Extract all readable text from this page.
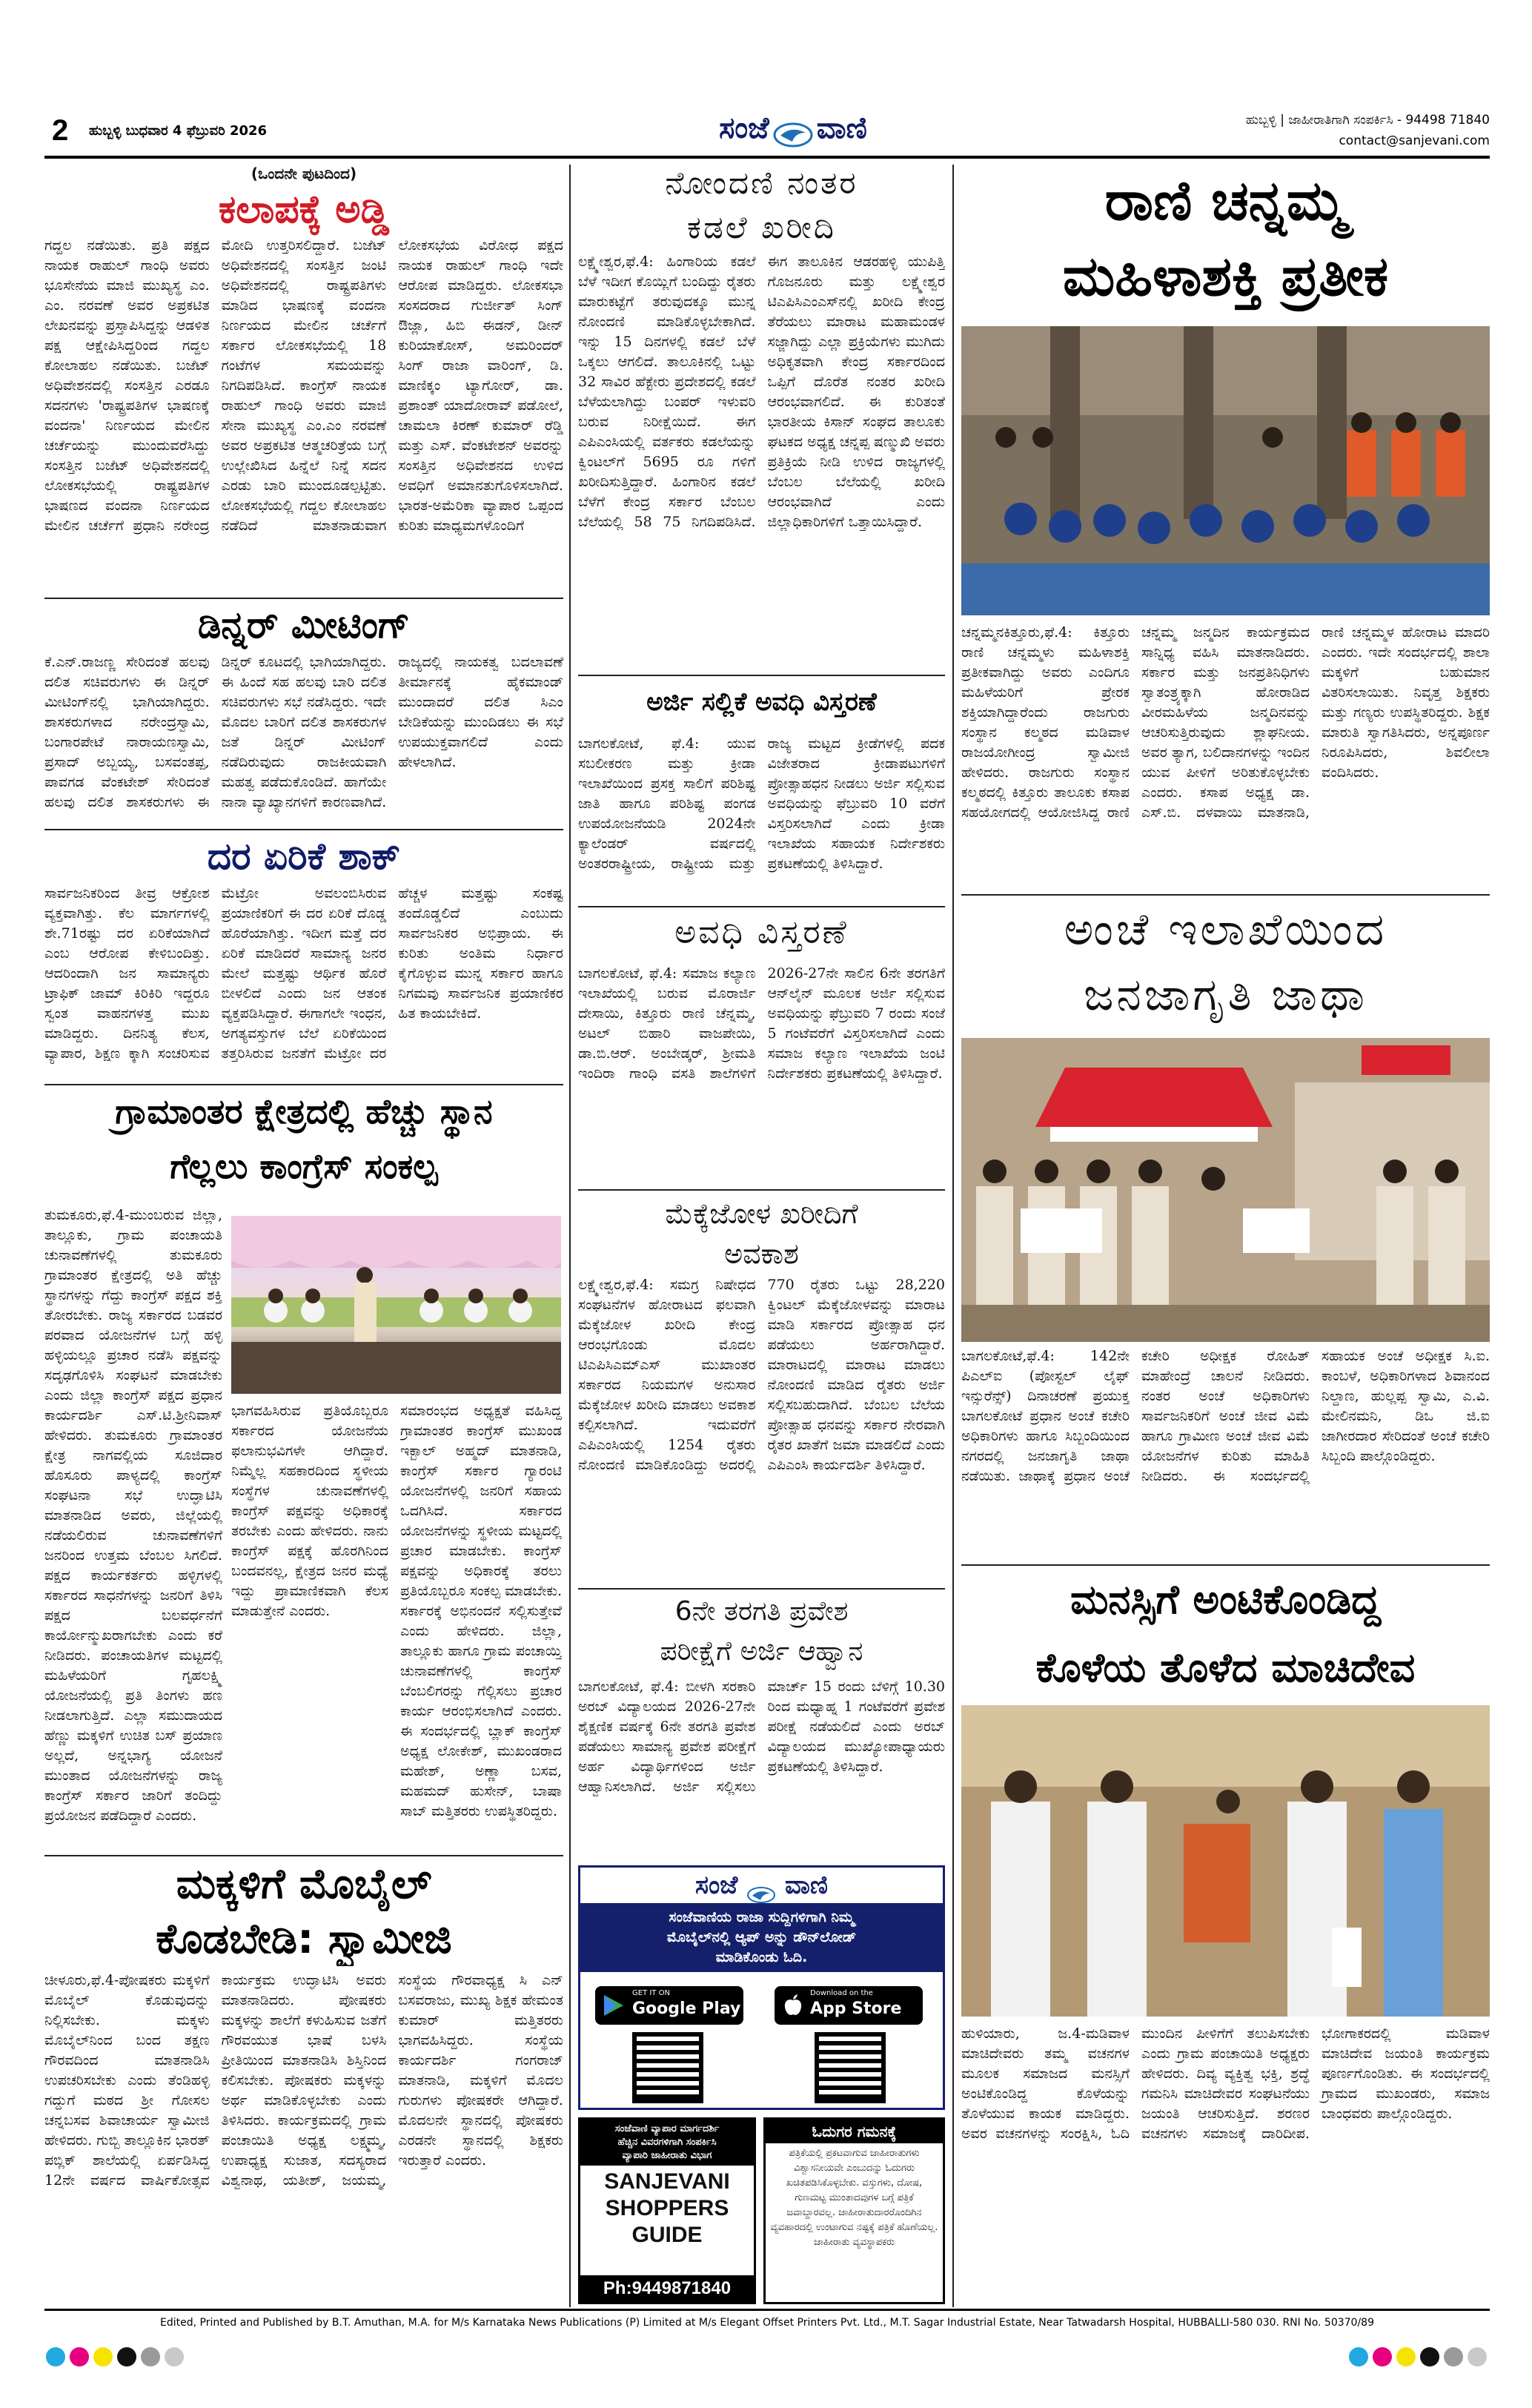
2 ಹುಬ್ಬಳ್ಳಿ ಬುಧವಾರ 4 ಫೆಬ್ರುವರಿ 2026	ಸಂಜೆ ವಾಣಿ	ಹುಬ್ಬಳ್ಳಿ | ಜಾಹೀರಾತಿಗಾಗಿ ಸಂಪರ್ಕಿಸಿ - 94498 71840
contact@sanjevani.com
(ಒಂದನೇ ಪುಟದಿಂದ)
ಕಲಾಪಕ್ಕೆ ಅಡ್ಡಿ
ಗದ್ದಲ ನಡೆಯಿತು. ಪ್ರತಿ ಪಕ್ಷದ ನಾಯಕ ರಾಹುಲ್ ಗಾಂಧಿ ಅವರು ಭೂಸೇನೆಯ ಮಾಜಿ ಮುಖ್ಯಸ್ಥ ಎಂ. ಎಂ. ನರವಣೆ ಅವರ ಅಪ್ರಕಟಿತ ಲೇಖನವನ್ನು ಪ್ರಸ್ತಾಪಿಸಿದ್ದನ್ನು ಆಡಳಿತ ಪಕ್ಷ ಆಕ್ಷೇಪಿಸಿದ್ದರಿಂದ ಗದ್ದಲ ಕೋಲಾಹಲ ನಡೆಯಿತು. ಬಜೆಟ್ ಅಧಿವೇಶನದಲ್ಲಿ ಸಂಸತ್ತಿನ ಎರಡೂ ಸದನಗಳು 'ರಾಷ್ಟ್ರಪತಿಗಳ ಭಾಷಣಕ್ಕೆ ವಂದನಾ' ನಿರ್ಣಯದ ಮೇಲಿನ ಚರ್ಚೆಯನ್ನು ಮುಂದುವರೆಸಿದ್ದು ಸಂಸತ್ತಿನ ಬಜೆಟ್ ಅಧಿವೇಶನದಲ್ಲಿ ಲೋಕಸಭೆಯಲ್ಲಿ ರಾಷ್ಟ್ರಪತಿಗಳ ಭಾಷಣದ ವಂದನಾ ನಿರ್ಣಯದ ಮೇಲಿನ ಚರ್ಚೆಗೆ ಪ್ರಧಾನಿ ನರೇಂದ್ರ ಮೋದಿ ಉತ್ತರಿಸಲಿದ್ದಾರೆ. ಬಜೆಟ್ ಅಧಿವೇಶನದಲ್ಲಿ ಸಂಸತ್ತಿನ ಜಂಟಿ ಅಧಿವೇಶನದಲ್ಲಿ ರಾಷ್ಟ್ರಪತಿಗಳು ಮಾಡಿದ ಭಾಷಣಕ್ಕೆ ವಂದನಾ ನಿರ್ಣಯದ ಮೇಲಿನ ಚರ್ಚೆಗೆ ಸರ್ಕಾರ ಲೋಕಸಭೆಯಲ್ಲಿ 18 ಗಂಟೆಗಳ ಸಮಯವನ್ನು ನಿಗದಿಪಡಿಸಿದೆ. ಕಾಂಗ್ರೆಸ್ ನಾಯಕ ರಾಹುಲ್ ಗಾಂಧಿ ಅವರು ಮಾಜಿ ಸೇನಾ ಮುಖ್ಯಸ್ಥ ಎಂ.ಎಂ ನರವಣೆ ಅವರ ಅಪ್ರಕಟಿತ ಆತ್ಮಚರಿತ್ರೆಯ ಬಗ್ಗೆ ಉಲ್ಲೇಖಿಸಿದ ಹಿನ್ನೆಲೆ ನಿನ್ನೆ ಸದನ ಎರಡು ಬಾರಿ ಮುಂದೂಡಲ್ಪಟ್ಟಿತು. ಲೋಕಸಭೆಯಲ್ಲಿ ಗದ್ದಲ ಕೋಲಾಹಲ ನಡೆದಿದೆ ಮಾತನಾಡುವಾಗ ಲೋಕಸಭೆಯ ವಿರೋಧ ಪಕ್ಷದ ನಾಯಕ ರಾಹುಲ್ ಗಾಂಧಿ ಇದೇ ಆರೋಪ ಮಾಡಿದ್ದರು. ಲೋಕಸಭಾ ಸಂಸದರಾದ ಗುರ್ಜೀತ್ ಸಿಂಗ್ ಔಜ್ಲಾ, ಹಿಬಿ ಈಡನ್, ಡೀನ್ ಕುರಿಯಾಕೋಸ್, ಅಮರಿಂದರ್ ಸಿಂಗ್ ರಾಜಾ ವಾರಿಂಗ್, ಡಿ. ಮಾಣಿಕ್ಕಂ ಟ್ಯಾಗೋರ್, ಡಾ. ಪ್ರಶಾಂತ್ ಯಾದೋರಾವ್ ಪಡೋಲೆ, ಚಾಮಲಾ ಕಿರಣ್ ಕುಮಾರ್ ರೆಡ್ಡಿ ಮತ್ತು ಎಸ್. ವೆಂಕಟೇಶನ್ ಅವರನ್ನು ಸಂಸತ್ತಿನ ಅಧಿವೇಶನದ ಉಳಿದ ಅವಧಿಗೆ ಅಮಾನತುಗೊಳಿಸಲಾಗಿದೆ. ಭಾರತ-ಅಮೆರಿಕಾ ವ್ಯಾಪಾರ ಒಪ್ಪಂದ ಕುರಿತು ಮಾಧ್ಯಮಗಳೊಂದಿಗೆ
ಡಿನ್ನರ್ ಮೀಟಿಂಗ್
ಕೆ.ಎನ್.ರಾಜಣ್ಣ ಸೇರಿದಂತೆ ಹಲವು ದಲಿತ ಸಚಿವರುಗಳು ಈ ಡಿನ್ನರ್ ಮೀಟಿಂಗ್‌ನಲ್ಲಿ ಭಾಗಿಯಾಗಿದ್ದರು. ಶಾಸಕರುಗಳಾದ ನರೇಂದ್ರಸ್ವಾಮಿ, ಬಂಗಾರಪೇಟೆ ನಾರಾಯಣಸ್ವಾಮಿ, ಪ್ರಸಾದ್ ಅಬ್ಬಯ್ಯ, ಬಸವಂತಪ್ಪ, ಪಾವಗಡ ವೆಂಕಟೇಶ್ ಸೇರಿದಂತೆ ಹಲವು ದಲಿತ ಶಾಸಕರುಗಳು ಈ ಡಿನ್ನರ್ ಕೂಟದಲ್ಲಿ ಭಾಗಿಯಾಗಿದ್ದರು. ಈ ಹಿಂದೆ ಸಹ ಹಲವು ಬಾರಿ ದಲಿತ ಸಚಿವರುಗಳು ಸಭೆ ನಡೆಸಿದ್ದರು. ಇದೇ ಮೊದಲ ಬಾರಿಗೆ ದಲಿತ ಶಾಸಕರುಗಳ ಜತೆ ಡಿನ್ನರ್ ಮೀಟಿಂಗ್ ನಡೆದಿರುವುದು ರಾಜಕೀಯವಾಗಿ ಮಹತ್ವ ಪಡೆದುಕೊಂಡಿದೆ. ಹಾಗೆಯೇ ನಾನಾ ವ್ಯಾಖ್ಯಾನಗಳಿಗೆ ಕಾರಣವಾಗಿದೆ. ರಾಜ್ಯದಲ್ಲಿ ನಾಯಕತ್ವ ಬದಲಾವಣೆ ತೀರ್ಮಾನಕ್ಕೆ ಹೈಕಮಾಂಡ್ ಮುಂದಾದರೆ ದಲಿತ ಸಿಎಂ ಬೇಡಿಕೆಯನ್ನು ಮುಂದಿಡಲು ಈ ಸಭೆ ಉಪಯುಕ್ತವಾಗಲಿದೆ ಎಂದು ಹೇಳಲಾಗಿದೆ.
ದರ ಏರಿಕೆ ಶಾಕ್
ಸಾರ್ವಜನಿಕರಿಂದ ತೀವ್ರ ಆಕ್ರೋಶ ವ್ಯಕ್ತವಾಗಿತ್ತು. ಕೆಲ ಮಾರ್ಗಗಳಲ್ಲಿ ಶೇ.71ರಷ್ಟು ದರ ಏರಿಕೆಯಾಗಿದೆ ಎಂಬ ಆರೋಪ ಕೇಳಿಬಂದಿತ್ತು. ಆದರಿಂದಾಗಿ ಜನ ಸಾಮಾನ್ಯರು ಟ್ರಾಫಿಕ್ ಜಾಮ್ ಕಿರಿಕಿರಿ ಇದ್ದರೂ ಸ್ವಂತ ವಾಹನಗಳತ್ತ ಮುಖ ಮಾಡಿದ್ದರು. ದಿನನಿತ್ಯ ಕೆಲಸ, ವ್ಯಾಪಾರ, ಶಿಕ್ಷಣ ಕ್ಕಾಗಿ ಸಂಚರಿಸುವ ಮೆಟ್ರೋ ಅವಲಂಬಿಸಿರುವ ಪ್ರಯಾಣಿಕರಿಗೆ ಈ ದರ ಏರಿಕೆ ದೊಡ್ಡ ಹೊರೆಯಾಗಿತ್ತು. ಇದೀಗ ಮತ್ತೆ ದರ ಏರಿಕೆ ಮಾಡಿದರೆ ಸಾಮಾನ್ಯ ಜನರ ಮೇಲೆ ಮತ್ತಷ್ಟು ಆರ್ಥಿಕ ಹೊರೆ ಬೀಳಲಿದೆ ಎಂದು ಜನ ಆತಂಕ ವ್ಯಕ್ತಪಡಿಸಿದ್ದಾರೆ. ಈಗಾಗಲೇ ಇಂಧನ, ಅಗತ್ಯವಸ್ತುಗಳ ಬೆಲೆ ಏರಿಕೆಯಿಂದ ತತ್ತರಿಸಿರುವ ಜನತೆಗೆ ಮೆಟ್ರೋ ದರ ಹೆಚ್ಚಳ ಮತ್ತಷ್ಟು ಸಂಕಷ್ಟ ತಂದೊಡ್ಡಲಿದೆ ಎಂಬುದು ಸಾರ್ವಜನಿಕರ ಅಭಿಪ್ರಾಯ. ಈ ಕುರಿತು ಅಂತಿಮ ನಿರ್ಧಾರ ಕೈಗೊಳ್ಳುವ ಮುನ್ನ ಸರ್ಕಾರ ಹಾಗೂ ನಿಗಮವು ಸಾರ್ವಜನಿಕ ಪ್ರಯಾಣಿಕರ ಹಿತ ಕಾಯಬೇಕಿದೆ.
ಗ್ರಾಮಾಂತರ ಕ್ಷೇತ್ರದಲ್ಲಿ ಹೆಚ್ಚು ಸ್ಥಾನ
ಗೆಲ್ಲಲು ಕಾಂಗ್ರೆಸ್ ಸಂಕಲ್ಪ
ತುಮಕೂರು,ಫೆ.4-ಮುಂಬರುವ ಜಿಲ್ಲಾ, ತಾಲ್ಲೂಕು, ಗ್ರಾಮ ಪಂಚಾಯತಿ ಚುನಾವಣೆಗಳಲ್ಲಿ ತುಮಕೂರು ಗ್ರಾಮಾಂತರ ಕ್ಷೇತ್ರದಲ್ಲಿ ಅತಿ ಹೆಚ್ಚು ಸ್ಥಾನಗಳನ್ನು ಗೆದ್ದು ಕಾಂಗ್ರೆಸ್ ಪಕ್ಷದ ಶಕ್ತಿ ತೋರಬೇಕು. ರಾಜ್ಯ ಸರ್ಕಾರದ ಬಡವರ ಪರವಾದ ಯೋಜನೆಗಳ ಬಗ್ಗೆ ಹಳ್ಳಿ ಹಳ್ಳಿಯಲ್ಲೂ ಪ್ರಚಾರ ನಡೆಸಿ ಪಕ್ಷವನ್ನು ಸದೃಢಗೊಳಿಸಿ ಸಂಘಟನೆ ಮಾಡಬೇಕು ಎಂದು ಜಿಲ್ಲಾ ಕಾಂಗ್ರೆಸ್ ಪಕ್ಷದ ಪ್ರಧಾನ ಕಾರ್ಯದರ್ಶಿ ಎಸ್.ಟಿ.ಶ್ರೀನಿವಾಸ್ ಹೇಳಿದರು. ತುಮಕೂರು ಗ್ರಾಮಾಂತರ ಕ್ಷೇತ್ರ ನಾಗವಲ್ಲಿಯ ಸೂಜಿದಾರ ಹೊಸೂರು ಪಾಳ್ಯದಲ್ಲಿ ಕಾಂಗ್ರೆಸ್ ಸಂಘಟನಾ ಸಭೆ ಉದ್ಘಾಟಿಸಿ ಮಾತನಾಡಿದ ಅವರು, ಜಿಲ್ಲೆಯಲ್ಲಿ ನಡೆಯಲಿರುವ ಚುನಾವಣೆಗಳಿಗೆ ಜನರಿಂದ ಉತ್ತಮ ಬೆಂಬಲ ಸಿಗಲಿದೆ. ಪಕ್ಷದ ಕಾರ್ಯಕರ್ತರು ಹಳ್ಳಿಗಳಲ್ಲಿ ಸರ್ಕಾರದ ಸಾಧನೆಗಳನ್ನು ಜನರಿಗೆ ತಿಳಿಸಿ ಪಕ್ಷದ ಬಲವರ್ಧನೆಗೆ ಕಾರ್ಯೋನ್ಮುಖರಾಗಬೇಕು ಎಂದು ಕರೆ ನೀಡಿದರು. ಪಂಚಾಯತಿಗಳ ಮಟ್ಟದಲ್ಲಿ ಮಹಿಳೆಯರಿಗೆ ಗೃಹಲಕ್ಷ್ಮಿ ಯೋಜನೆಯಲ್ಲಿ ಪ್ರತಿ ತಿಂಗಳು ಹಣ ನೀಡಲಾಗುತ್ತಿದೆ. ಎಲ್ಲಾ ಸಮುದಾಯದ ಹೆಣ್ಣು ಮಕ್ಕಳಿಗೆ ಉಚಿತ ಬಸ್ ಪ್ರಯಾಣ ಅಲ್ಲದೆ, ಅನ್ನಭಾಗ್ಯ ಯೋಜನೆ ಮುಂತಾದ ಯೋಜನೆಗಳನ್ನು ರಾಜ್ಯ ಕಾಂಗ್ರೆಸ್ ಸರ್ಕಾರ ಜಾರಿಗೆ ತಂದಿದ್ದು ಪ್ರಯೋಜನ ಪಡೆದಿದ್ದಾರೆ ಎಂದರು.
ಭಾಗವಹಿಸಿರುವ ಪ್ರತಿಯೊಬ್ಬರೂ ಸರ್ಕಾರದ ಯೋಜನೆಯ ಫಲಾನುಭವಿಗಳೇ ಆಗಿದ್ದಾರೆ. ನಿಮ್ಮೆಲ್ಲ ಸಹಕಾರದಿಂದ ಸ್ಥಳೀಯ ಸಂಸ್ಥೆಗಳ ಚುನಾವಣೆಗಳಲ್ಲಿ ಕಾಂಗ್ರೆಸ್ ಪಕ್ಷವನ್ನು ಅಧಿಕಾರಕ್ಕೆ ತರಬೇಕು ಎಂದು ಹೇಳಿದರು. ನಾನು ಕಾಂಗ್ರೆಸ್ ಪಕ್ಷಕ್ಕೆ ಹೊರಗಿನಿಂದ ಬಂದವನಲ್ಲ, ಕ್ಷೇತ್ರದ ಜನರ ಮಧ್ಯೆ ಇದ್ದು ಪ್ರಾಮಾಣಿಕವಾಗಿ ಕೆಲಸ ಮಾಡುತ್ತೇನೆ ಎಂದರು.
ಸಮಾರಂಭದ ಅಧ್ಯಕ್ಷತೆ ವಹಿಸಿದ್ದ ಗ್ರಾಮಾಂತರ ಕಾಂಗ್ರೆಸ್ ಮುಖಂಡ ಇಕ್ಬಾಲ್ ಅಹ್ಮದ್ ಮಾತನಾಡಿ, ಕಾಂಗ್ರೆಸ್ ಸರ್ಕಾರ ಗ್ಯಾರಂಟಿ ಯೋಜನೆಗಳಲ್ಲಿ ಜನರಿಗೆ ಸಹಾಯ ಒದಗಿಸಿದೆ. ಸರ್ಕಾರದ ಯೋಜನೆಗಳನ್ನು ಸ್ಥಳೀಯ ಮಟ್ಟದಲ್ಲಿ ಪ್ರಚಾರ ಮಾಡಬೇಕು. ಕಾಂಗ್ರೆಸ್ ಪಕ್ಷವನ್ನು ಅಧಿಕಾರಕ್ಕೆ ತರಲು ಪ್ರತಿಯೊಬ್ಬರೂ ಸಂಕಲ್ಪ ಮಾಡಬೇಕು. ಸರ್ಕಾರಕ್ಕೆ ಅಭಿನಂದನೆ ಸಲ್ಲಿಸುತ್ತೇವೆ ಎಂದು ಹೇಳಿದರು. ಜಿಲ್ಲಾ, ತಾಲ್ಲೂಕು ಹಾಗೂ ಗ್ರಾಮ ಪಂಚಾಯ್ತಿ ಚುನಾವಣೆಗಳಲ್ಲಿ ಕಾಂಗ್ರೆಸ್ ಬೆಂಬಲಿಗರನ್ನು ಗೆಲ್ಲಿಸಲು ಪ್ರಚಾರ ಕಾರ್ಯ ಆರಂಭಿಸಲಾಗಿದೆ ಎಂದರು. ಈ ಸಂದರ್ಭದಲ್ಲಿ ಬ್ಲಾಕ್ ಕಾಂಗ್ರೆಸ್ ಅಧ್ಯಕ್ಷ ಲೋಕೇಶ್, ಮುಖಂಡರಾದ ಮಹೇಶ್, ಅಣ್ಣಾ ಬಸವ, ಮಹಮದ್ ಹುಸೇನ್, ಬಾಷಾ ಸಾಬ್ ಮತ್ತಿತರರು ಉಪಸ್ಥಿತರಿದ್ದರು.
ಮಕ್ಕಳಿಗೆ ಮೊಬೈಲ್
ಕೊಡಬೇಡಿ: ಸ್ವಾಮೀಜಿ
ಚೀಳೂರು,ಫೆ.4-ಪೋಷಕರು ಮಕ್ಕಳಿಗೆ ಮೊಬೈಲ್ ಕೊಡುವುದನ್ನು ನಿಲ್ಲಿಸಬೇಕು. ಮಕ್ಕಳು ಮೊಬೈಲ್‌ನಿಂದ ಬಂದ ತಕ್ಷಣ ಗೌರವದಿಂದ ಮಾತನಾಡಿಸಿ ಉಪಚರಿಸಬೇಕು ಎಂದು ತೆಂಡಿಹಳ್ಳಿ ಗದ್ದುಗೆ ಮಠದ ಶ್ರೀ ಗೋಸಲ ಚನ್ನಬಸವ ಶಿವಾಚಾರ್ಯ ಸ್ವಾಮೀಜಿ ಹೇಳಿದರು. ಗುಬ್ಬಿ ತಾಲ್ಲೂಕಿನ ಭಾರತ್ ಪಬ್ಲಿಕ್ ಶಾಲೆಯಲ್ಲಿ ಏರ್ಪಡಿಸಿದ್ದ 12ನೇ ವರ್ಷದ ವಾರ್ಷಿಕೋತ್ಸವ ಕಾರ್ಯಕ್ರಮ ಉದ್ಘಾಟಿಸಿ ಅವರು ಮಾತನಾಡಿದರು. ಪೋಷಕರು ಮಕ್ಕಳನ್ನು ಶಾಲೆಗೆ ಕಳುಹಿಸುವ ಜತೆಗೆ ಗೌರವಯುತ ಭಾಷೆ ಬಳಸಿ ಪ್ರೀತಿಯಿಂದ ಮಾತನಾಡಿಸಿ ಶಿಸ್ತಿನಿಂದ ಕಲಿಸಬೇಕು. ಪೋಷಕರು ಮಕ್ಕಳನ್ನು ಅರ್ಥ ಮಾಡಿಕೊಳ್ಳಬೇಕು ಎಂದು ತಿಳಿಸಿದರು. ಕಾರ್ಯಕ್ರಮದಲ್ಲಿ ಗ್ರಾಮ ಪಂಚಾಯಿತಿ ಅಧ್ಯಕ್ಷ ಲಕ್ಷ್ಮಮ್ಮ, ಉಪಾಧ್ಯಕ್ಷ ಸುಜಾತ, ಸದಸ್ಯರಾದ ವಿಶ್ವನಾಥ, ಯತೀಶ್, ಜಯಮ್ಮ, ಸಂಸ್ಥೆಯ ಗೌರವಾಧ್ಯಕ್ಷ ಸಿ ಎನ್ ಬಸವರಾಜು, ಮುಖ್ಯ ಶಿಕ್ಷಕ ಹೇಮಂತ ಕುಮಾರ್ ಮತ್ತಿತರರು ಭಾಗವಹಿಸಿದ್ದರು. ಸಂಸ್ಥೆಯ ಕಾರ್ಯದರ್ಶಿ ಗಂಗರಾಜ್ ಮಾತನಾಡಿ, ಮಕ್ಕಳಿಗೆ ಮೊದಲ ಗುರುಗಳು ಪೋಷಕರೇ ಆಗಿದ್ದಾರೆ. ಮೊದಲನೇ ಸ್ಥಾನದಲ್ಲಿ ಪೋಷಕರು ಎರಡನೇ ಸ್ಥಾನದಲ್ಲಿ ಶಿಕ್ಷಕರು ಇರುತ್ತಾರೆ ಎಂದರು.
ನೋಂದಣಿ ನಂತರ
ಕಡಲೆ ಖರೀದಿ
ಲಕ್ಷ್ಮೇಶ್ವರ,ಫೆ.4: ಹಿಂಗಾರಿಯ ಕಡಲೆ ಬೆಳೆ ಇದೀಗ ಕೊಯ್ಲಿಗೆ ಬಂದಿದ್ದು ರೈತರು ಮಾರುಕಟ್ಟೆಗೆ ತರುವುದಕ್ಕೂ ಮುನ್ನ ನೋಂದಣಿ ಮಾಡಿಕೊಳ್ಳಬೇಕಾಗಿದೆ. ಇನ್ನು 15 ದಿನಗಳಲ್ಲಿ ಕಡಲೆ ಬೆಳೆ ಒಕ್ಕಲು ಆಗಲಿದೆ. ತಾಲೂಕಿನಲ್ಲಿ ಒಟ್ಟು 32 ಸಾವಿರ ಹೆಕ್ಟೇರು ಪ್ರದೇಶದಲ್ಲಿ ಕಡಲೆ ಬೆಳೆಯಲಾಗಿದ್ದು ಬಂಪರ್ ಇಳುವರಿ ಬರುವ ನಿರೀಕ್ಷೆಯಿದೆ. ಈಗ ಎಪಿಎಂಸಿಯಲ್ಲಿ ವರ್ತಕರು ಕಡಲೆಯನ್ನು ಕ್ವಿಂಟಲ್‌ಗೆ 5695 ರೂ ಗಳಿಗೆ ಖರೀದಿಸುತ್ತಿದ್ದಾರೆ. ಹಿಂಗಾರಿನ ಕಡಲೆ ಬೆಳೆಗೆ ಕೇಂದ್ರ ಸರ್ಕಾರ ಬೆಂಬಲ ಬೆಲೆಯಲ್ಲಿ 58 75 ನಿಗದಿಪಡಿಸಿದೆ. ಈಗ ತಾಲೂಕಿನ ಆಡರಹಳ್ಳಿ ಯುಪಿತ್ತಿ ಗೊಜನೂರು ಮತ್ತು ಲಕ್ಷ್ಮೇಶ್ವರ ಟಿಎಪಿಸಿಎಂಎಸ್‌ನಲ್ಲಿ ಖರೀದಿ ಕೇಂದ್ರ ತೆರೆಯಲು ಮಾರಾಟ ಮಹಾಮಂಡಳ ಸಜ್ಜಾಗಿದ್ದು ಎಲ್ಲಾ ಪ್ರಕ್ರಿಯೆಗಳು ಮುಗಿದು ಅಧಿಕೃತವಾಗಿ ಕೇಂದ್ರ ಸರ್ಕಾರದಿಂದ ಒಪ್ಪಿಗೆ ದೊರೆತ ನಂತರ ಖರೀದಿ ಆರಂಭವಾಗಲಿದೆ. ಈ ಕುರಿತಂತೆ ಭಾರತೀಯ ಕಿಸಾನ್ ಸಂಘದ ತಾಲೂಕು ಘಟಕದ ಅಧ್ಯಕ್ಷ ಚನ್ನಪ್ಪ ಷಣ್ಮುಖಿ ಅವರು ಪ್ರತಿಕ್ರಿಯೆ ನೀಡಿ ಉಳಿದ ರಾಜ್ಯಗಳಲ್ಲಿ ಬೆಂಬಲ ಬೆಲೆಯಲ್ಲಿ ಖರೀದಿ ಆರಂಭವಾಗಿದೆ ಎಂದು ಜಿಲ್ಲಾಧಿಕಾರಿಗಳಿಗೆ ಒತ್ತಾಯಿಸಿದ್ದಾರೆ.
ಅರ್ಜಿ ಸಲ್ಲಿಕೆ ಅವಧಿ ವಿಸ್ತರಣೆ
ಬಾಗಲಕೋಟೆ, ಫೆ.4: ಯುವ ಸಬಲೀಕರಣ ಮತ್ತು ಕ್ರೀಡಾ ಇಲಾಖೆಯಿಂದ ಪ್ರಸಕ್ತ ಸಾಲಿಗೆ ಪರಿಶಿಷ್ಟ ಜಾತಿ ಹಾಗೂ ಪರಿಶಿಷ್ಟ ಪಂಗಡ ಉಪಯೋಜನೆಯಡಿ 2024ನೇ ಕ್ಯಾಲೆಂಡರ್ ವರ್ಷದಲ್ಲಿ ಅಂತರರಾಷ್ಟ್ರೀಯ, ರಾಷ್ಟ್ರೀಯ ಮತ್ತು ರಾಜ್ಯ ಮಟ್ಟದ ಕ್ರೀಡೆಗಳಲ್ಲಿ ಪದಕ ವಿಜೇತರಾದ ಕ್ರೀಡಾಪಟುಗಳಿಗೆ ಪ್ರೋತ್ಸಾಹಧನ ನೀಡಲು ಅರ್ಜಿ ಸಲ್ಲಿಸುವ ಅವಧಿಯನ್ನು ಫೆಬ್ರುವರಿ 10 ವರೆಗೆ ವಿಸ್ತರಿಸಲಾಗಿದೆ ಎಂದು ಕ್ರೀಡಾ ಇಲಾಖೆಯ ಸಹಾಯಕ ನಿರ್ದೇಶಕರು ಪ್ರಕಟಣೆಯಲ್ಲಿ ತಿಳಿಸಿದ್ದಾರೆ.
ಅವಧಿ ವಿಸ್ತರಣೆ
ಬಾಗಲಕೋಟೆ, ಫೆ.4: ಸಮಾಜ ಕಲ್ಯಾಣ ಇಲಾಖೆಯಲ್ಲಿ ಬರುವ ಮೊರಾರ್ಜಿ ದೇಸಾಯಿ, ಕಿತ್ತೂರು ರಾಣಿ ಚೆನ್ನಮ್ಮ, ಅಟಲ್ ಬಿಹಾರಿ ವಾಜಪೇಯಿ, ಡಾ.ಬಿ.ಆರ್. ಅಂಬೇಡ್ಕರ್, ಶ್ರೀಮತಿ ಇಂದಿರಾ ಗಾಂಧಿ ವಸತಿ ಶಾಲೆಗಳಿಗೆ 2026-27ನೇ ಸಾಲಿನ 6ನೇ ತರಗತಿಗೆ ಆನ್‌ಲೈನ್ ಮೂಲಕ ಅರ್ಜಿ ಸಲ್ಲಿಸುವ ಅವಧಿಯನ್ನು ಫೆಬ್ರುವರಿ 7 ರಂದು ಸಂಜೆ 5 ಗಂಟೆವರೆಗೆ ವಿಸ್ತರಿಸಲಾಗಿದೆ ಎಂದು ಸಮಾಜ ಕಲ್ಯಾಣ ಇಲಾಖೆಯ ಜಂಟಿ ನಿರ್ದೇಶಕರು ಪ್ರಕಟಣೆಯಲ್ಲಿ ತಿಳಿಸಿದ್ದಾರೆ.
ಮೆಕ್ಕೆಜೋಳ ಖರೀದಿಗೆ
ಅವಕಾಶ
ಲಕ್ಷ್ಮೇಶ್ವರ,ಫೆ.4: ಸಮಗ್ರ ನಿಷೇಧದ ಸಂಘಟನೆಗಳ ಹೋರಾಟದ ಫಲವಾಗಿ ಮೆಕ್ಕೆಜೋಳ ಖರೀದಿ ಕೇಂದ್ರ ಆರಂಭಗೊಂಡು ಮೊದಲ ಟಿಎಪಿಸಿಎಮ್‌ಎಸ್ ಮುಖಾಂತರ ಸರ್ಕಾರದ ನಿಯಮಗಳ ಅನುಸಾರ ಮೆಕ್ಕೆಜೋಳ ಖರೀದಿ ಮಾಡಲು ಅವಕಾಶ ಕಲ್ಪಿಸಲಾಗಿದೆ. ಇದುವರೆಗೆ ಎಪಿಎಂಸಿಯಲ್ಲಿ 1254 ರೈತರು ನೋಂದಣಿ ಮಾಡಿಕೊಂಡಿದ್ದು ಅದರಲ್ಲಿ 770 ರೈತರು ಒಟ್ಟು 28,220 ಕ್ವಿಂಟಲ್ ಮೆಕ್ಕೆಜೋಳವನ್ನು ಮಾರಾಟ ಮಾಡಿ ಸರ್ಕಾರದ ಪ್ರೋತ್ಸಾಹ ಧನ ಪಡೆಯಲು ಅರ್ಹರಾಗಿದ್ದಾರೆ. ಮಾರಾಟದಲ್ಲಿ ಮಾರಾಟ ಮಾಡಲು ನೋಂದಣಿ ಮಾಡಿದ ರೈತರು ಅರ್ಜಿ ಸಲ್ಲಿಸಬಹುದಾಗಿದೆ. ಬೆಂಬಲ ಬೆಲೆಯ ಪ್ರೋತ್ಸಾಹ ಧನವನ್ನು ಸರ್ಕಾರ ನೇರವಾಗಿ ರೈತರ ಖಾತೆಗೆ ಜಮಾ ಮಾಡಲಿದೆ ಎಂದು ಎಪಿಎಂಸಿ ಕಾರ್ಯದರ್ಶಿ ತಿಳಿಸಿದ್ದಾರೆ.
6ನೇ ತರಗತಿ ಪ್ರವೇಶ
ಪರೀಕ್ಷೆಗೆ ಅರ್ಜಿ ಆಹ್ವಾನ
ಬಾಗಲಕೋಟೆ, ಫೆ.4: ಬೀಳಗಿ ಸರಕಾರಿ ಅರಬ್ ವಿದ್ಯಾಲಯದ 2026-27ನೇ ಶೈಕ್ಷಣಿಕ ವರ್ಷಕ್ಕೆ 6ನೇ ತರಗತಿ ಪ್ರವೇಶ ಪಡೆಯಲು ಸಾಮಾನ್ಯ ಪ್ರವೇಶ ಪರೀಕ್ಷೆಗೆ ಅರ್ಹ ವಿದ್ಯಾರ್ಥಿಗಳಿಂದ ಅರ್ಜಿ ಆಹ್ವಾನಿಸಲಾಗಿದೆ. ಅರ್ಜಿ ಸಲ್ಲಿಸಲು ಮಾರ್ಚ್ 15 ರಂದು ಬೆಳಿಗ್ಗೆ 10.30 ರಿಂದ ಮಧ್ಯಾಹ್ನ 1 ಗಂಟೆವರೆಗೆ ಪ್ರವೇಶ ಪರೀಕ್ಷೆ ನಡೆಯಲಿದೆ ಎಂದು ಅರಬ್ ವಿದ್ಯಾಲಯದ ಮುಖ್ಯೋಪಾಧ್ಯಾಯರು ಪ್ರಕಟಣೆಯಲ್ಲಿ ತಿಳಿಸಿದ್ದಾರೆ.
ಸಂಜೆ ವಾಣಿ
ಸಂಜೆವಾಣಿಯ ರಾಜಾ ಸುದ್ದಿಗಳಿಗಾಗಿ ನಿಮ್ಮ
ಮೊಬೈಲ್‌ನಲ್ಲಿ ಆ್ಯಪ್ ಅನ್ನು ಡೌನ್‌ಲೋಡ್
ಮಾಡಿಕೊಂಡು ಓದಿ.
GET IT ON
Google Play
Download on the
App Store
ಸಂಜೆವಾಣಿ ವ್ಯಾಪಾರ ಮಾರ್ಗದರ್ಶಿ
ಹೆಚ್ಚಿನ ವಿವರಗಳಿಗಾಗಿ ಸಂಪರ್ಕಿಸಿ
ವ್ಯಾಪಾರಿ ಜಾಹೀರಾತು ವಿಭಾಗ
SANJEVANI
SHOPPERS
GUIDE
Ph:9449871840
ಓದುಗರ ಗಮನಕ್ಕೆ
ಪತ್ರಿಕೆಯಲ್ಲಿ ಪ್ರಕಟವಾಗುವ ಜಾಹೀರಾತುಗಳು ವಿಶ್ವಾಸನೀಯವೇ ಎಂಬುದನ್ನು ಓದುಗರು ಖಚಿತಪಡಿಸಿಕೊಳ್ಳಬೇಕು. ವಸ್ತುಗಳು, ದೋಷ, ಗುಣಮಟ್ಟ ಮುಂತಾದವುಗಳ ಬಗ್ಗೆ ಪತ್ರಿಕೆ ಜವಾಬ್ದಾರವಲ್ಲ. ಜಾಹೀರಾತುದಾರರೊಂದಿಗಿನ ವ್ಯವಹಾರದಲ್ಲಿ ಉಂಟಾಗುವ ನಷ್ಟಕ್ಕೆ ಪತ್ರಿಕೆ ಹೊಣೆಯಲ್ಲ. ಜಾಹೀರಾತು ವ್ಯವಸ್ಥಾಪಕರು
ರಾಣಿ ಚನ್ನಮ್ಮ
ಮಹಿಳಾಶಕ್ತಿ ಪ್ರತೀಕ
ಚನ್ನಮ್ಮನಕಿತ್ತೂರು,ಫೆ.4: ಕಿತ್ತೂರು ರಾಣಿ ಚನ್ನಮ್ಮಳು ಮಹಿಳಾಶಕ್ತಿ ಪ್ರತೀಕವಾಗಿದ್ದು ಅವರು ಎಂದಿಗೂ ಮಹಿಳೆಯರಿಗೆ ಪ್ರೇರಕ ಶಕ್ತಿಯಾಗಿದ್ದಾರೆಂದು ರಾಜಗುರು ಸಂಸ್ಥಾನ ಕಲ್ಮಠದ ಮಡಿವಾಳ ರಾಜಯೋಗೀಂದ್ರ ಸ್ವಾಮೀಜಿ ಹೇಳಿದರು. ರಾಜಗುರು ಸಂಸ್ಥಾನ ಕಲ್ಮಠದಲ್ಲಿ ಕಿತ್ತೂರು ತಾಲೂಕು ಕಸಾಪ ಸಹಯೋಗದಲ್ಲಿ ಆಯೋಜಿಸಿದ್ದ ರಾಣಿ ಚನ್ನಮ್ಮ ಜನ್ಮದಿನ ಕಾರ್ಯಕ್ರಮದ ಸಾನ್ನಿಧ್ಯ ವಹಿಸಿ ಮಾತನಾಡಿದರು. ಸರ್ಕಾರ ಮತ್ತು ಜನಪ್ರತಿನಿಧಿಗಳು ಸ್ವಾತಂತ್ರ್ಯಕ್ಕಾಗಿ ಹೋರಾಡಿದ ವೀರಮಹಿಳೆಯ ಜನ್ಮದಿನವನ್ನು ಆಚರಿಸುತ್ತಿರುವುದು ಶ್ಲಾಘನೀಯ. ಅವರ ತ್ಯಾಗ, ಬಲಿದಾನಗಳನ್ನು ಇಂದಿನ ಯುವ ಪೀಳಿಗೆ ಅರಿತುಕೊಳ್ಳಬೇಕು ಎಂದರು. ಕಸಾಪ ಅಧ್ಯಕ್ಷ ಡಾ. ಎಸ್.ಬಿ. ದಳವಾಯಿ ಮಾತನಾಡಿ, ರಾಣಿ ಚನ್ನಮ್ಮಳ ಹೋರಾಟ ಮಾದರಿ ಎಂದರು. ಇದೇ ಸಂದರ್ಭದಲ್ಲಿ ಶಾಲಾ ಮಕ್ಕಳಿಗೆ ಬಹುಮಾನ ವಿತರಿಸಲಾಯಿತು. ನಿವೃತ್ತ ಶಿಕ್ಷಕರು ಮತ್ತು ಗಣ್ಯರು ಉಪಸ್ಥಿತರಿದ್ದರು. ಶಿಕ್ಷಕ ಮಾರುತಿ ಸ್ವಾಗತಿಸಿದರು, ಅನ್ನಪೂರ್ಣ ನಿರೂಪಿಸಿದರು, ಶಿವಲೀಲಾ ವಂದಿಸಿದರು.
ಅಂಚೆ ಇಲಾಖೆಯಿಂದ
ಜನಜಾಗೃತಿ ಜಾಥಾ
ಬಾಗಲಕೋಟೆ,ಫೆ.4: 142ನೇ ಪಿಎಲ್‌ಐ (ಪೋಸ್ಟಲ್ ಲೈಫ್ ಇನ್ಸುರೆನ್ಸ್) ದಿನಾಚರಣೆ ಪ್ರಯುಕ್ತ ಬಾಗಲಕೋಟೆ ಪ್ರಧಾನ ಅಂಚೆ ಕಚೇರಿ ಅಧಿಕಾರಿಗಳು ಹಾಗೂ ಸಿಬ್ಬಂದಿಯಿಂದ ನಗರದಲ್ಲಿ ಜನಜಾಗೃತಿ ಜಾಥಾ ನಡೆಯಿತು. ಜಾಥಾಕ್ಕೆ ಪ್ರಧಾನ ಅಂಚೆ ಕಚೇರಿ ಅಧೀಕ್ಷಕ ರೋಹಿತ್ ಮಾಹೇಂದ್ರೆ ಚಾಲನೆ ನೀಡಿದರು. ನಂತರ ಅಂಚೆ ಅಧಿಕಾರಿಗಳು ಸಾರ್ವಜನಿಕರಿಗೆ ಅಂಚೆ ಜೀವ ವಿಮೆ ಹಾಗೂ ಗ್ರಾಮೀಣ ಅಂಚೆ ಜೀವ ವಿಮೆ ಯೋಜನೆಗಳ ಕುರಿತು ಮಾಹಿತಿ ನೀಡಿದರು. ಈ ಸಂದರ್ಭದಲ್ಲಿ ಸಹಾಯಕ ಅಂಚೆ ಅಧೀಕ್ಷಕ ಸಿ.ಐ. ಕಾಂಬಳೆ, ಅಧಿಕಾರಿಗಳಾದ ಶಿವಾನಂದ ನಿಲ್ದಾಣ, ಹುಲ್ಲಪ್ಪ ಸ್ವಾಮಿ, ಎ.ವಿ. ಮೇಲಿನಮನಿ, ಡಿಒ ಜಿ.ಐ ಜಾಗೀರದಾರ ಸೇರಿದಂತೆ ಅಂಚೆ ಕಚೇರಿ ಸಿಬ್ಬಂದಿ ಪಾಲ್ಗೊಂಡಿದ್ದರು.
ಮನಸ್ಸಿಗೆ ಅಂಟಿಕೊಂಡಿದ್ದ
ಕೊಳೆಯ ತೊಳೆದ ಮಾಚಿದೇವ
ಹುಳಿಯಾರು, ಜ.4-ಮಡಿವಾಳ ಮಾಚಿದೇವರು ತಮ್ಮ ವಚನಗಳ ಮೂಲಕ ಸಮಾಜದ ಮನಸ್ಸಿಗೆ ಅಂಟಿಕೊಂಡಿದ್ದ ಕೊಳೆಯನ್ನು ತೊಳೆಯುವ ಕಾಯಕ ಮಾಡಿದ್ದರು. ಅವರ ವಚನಗಳನ್ನು ಸಂರಕ್ಷಿಸಿ, ಓದಿ ಮುಂದಿನ ಪೀಳಿಗೆಗೆ ತಲುಪಿಸಬೇಕು ಎಂದು ಗ್ರಾಮ ಪಂಚಾಯಿತಿ ಅಧ್ಯಕ್ಷರು ಹೇಳಿದರು. ದಿವ್ಯ ವ್ಯಕ್ತಿತ್ವ ಭಕ್ತಿ, ಶ್ರದ್ಧೆ ಗಮನಿಸಿ ಮಾಚಿದೇವರ ಸಂಘಟನೆಯು ಜಯಂತಿ ಆಚರಿಸುತ್ತಿದೆ. ಶರಣರ ವಚನಗಳು ಸಮಾಜಕ್ಕೆ ದಾರಿದೀಪ. ಭೋಗಾಕರದಲ್ಲಿ ಮಡಿವಾಳ ಮಾಚಿದೇವ ಜಯಂತಿ ಕಾರ್ಯಕ್ರಮ ಪೂರ್ಣಗೊಂಡಿತು. ಈ ಸಂದರ್ಭದಲ್ಲಿ ಗ್ರಾಮದ ಮುಖಂಡರು, ಸಮಾಜ ಬಾಂಧವರು ಪಾಲ್ಗೊಂಡಿದ್ದರು.
Edited, Printed and Published by B.T. Amuthan, M.A. for M/s Karnataka News Publications (P) Limited at M/s Elegant Offset Printers Pvt. Ltd., M.T. Sagar Industrial Estate, Near Tatwadarsh Hospital, HUBBALLI-580 030. RNI No. 50370/89
